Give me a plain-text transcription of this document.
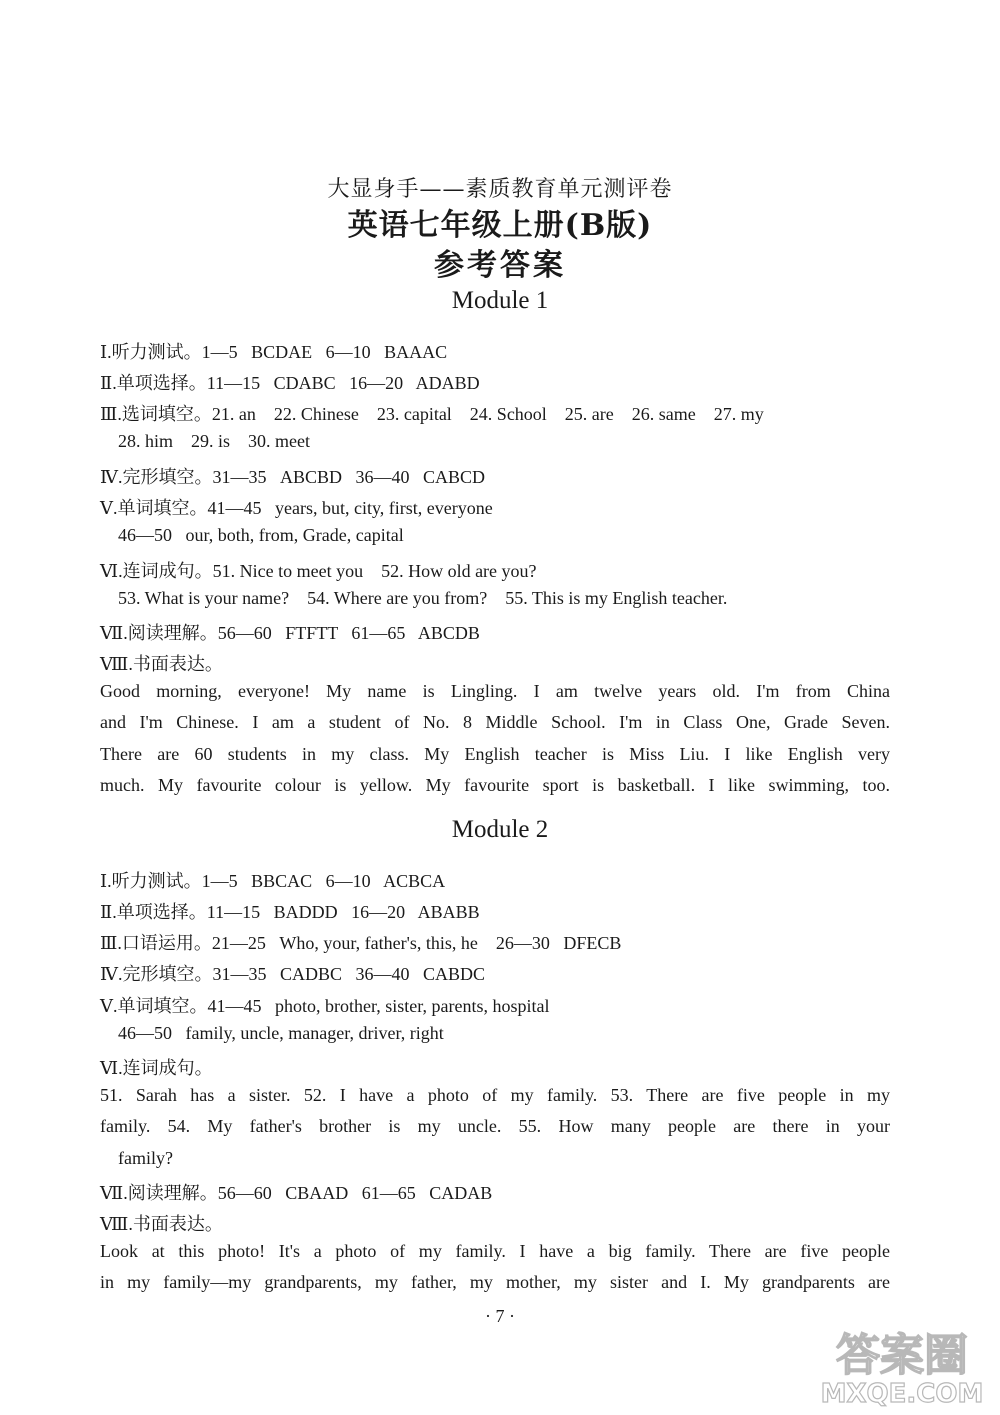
大显身手——素质教育单元测评卷
英语七年级上册(B版)
参考答案
Module 1
Ⅰ.听力测试。1—5   BCDAE   6—10   BAAAC
Ⅱ.单项选择。11—15   CDABC   16—20   ADABD
Ⅲ.选词填空。21. an    22. Chinese    23. capital    24. School    25. are    26. same    27. my
28. him    29. is    30. meet
Ⅳ.完形填空。31—35   ABCBD   36—40   CABCD
Ⅴ.单词填空。41—45   years, but, city, first, everyone
46—50   our, both, from, Grade, capital
Ⅵ.连词成句。51. Nice to meet you    52. How old are you?
53. What is your name?    54. Where are you from?    55. This is my English teacher.
Ⅶ.阅读理解。56—60   FTFTT   61—65   ABCDB
Ⅷ.书面表达。
Good morning, everyone! My name is Lingling. I am twelve years old. I'm from China
and I'm Chinese. I am a student of No. 8 Middle School. I'm in Class One, Grade Seven.
There are 60 students in my class. My English teacher is Miss Liu. I like English very
much. My favourite colour is yellow. My favourite sport is basketball. I like swimming, too.
Module 2
Ⅰ.听力测试。1—5   BBCAC   6—10   ACBCA
Ⅱ.单项选择。11—15   BADDD   16—20   ABABB
Ⅲ.口语运用。21—25   Who, your, father's, this, he    26—30   DFECB
Ⅳ.完形填空。31—35   CADBC   36—40   CABDC
Ⅴ.单词填空。41—45   photo, brother, sister, parents, hospital
46—50   family, uncle, manager, driver, right
Ⅵ.连词成句。
51. Sarah has a sister. 52. I have a photo of my family. 53. There are five people in my
family. 54. My father's brother is my uncle. 55. How many people are there in your
family?
Ⅶ.阅读理解。56—60   CBAAD   61—65   CADAB
Ⅷ.书面表达。
Look at this photo! It's a photo of my family. I have a big family. There are five people
in my family—my grandparents, my father, my mother, my sister and I. My grandparents are
· 7 ·
答案圈
MXQE.COM
